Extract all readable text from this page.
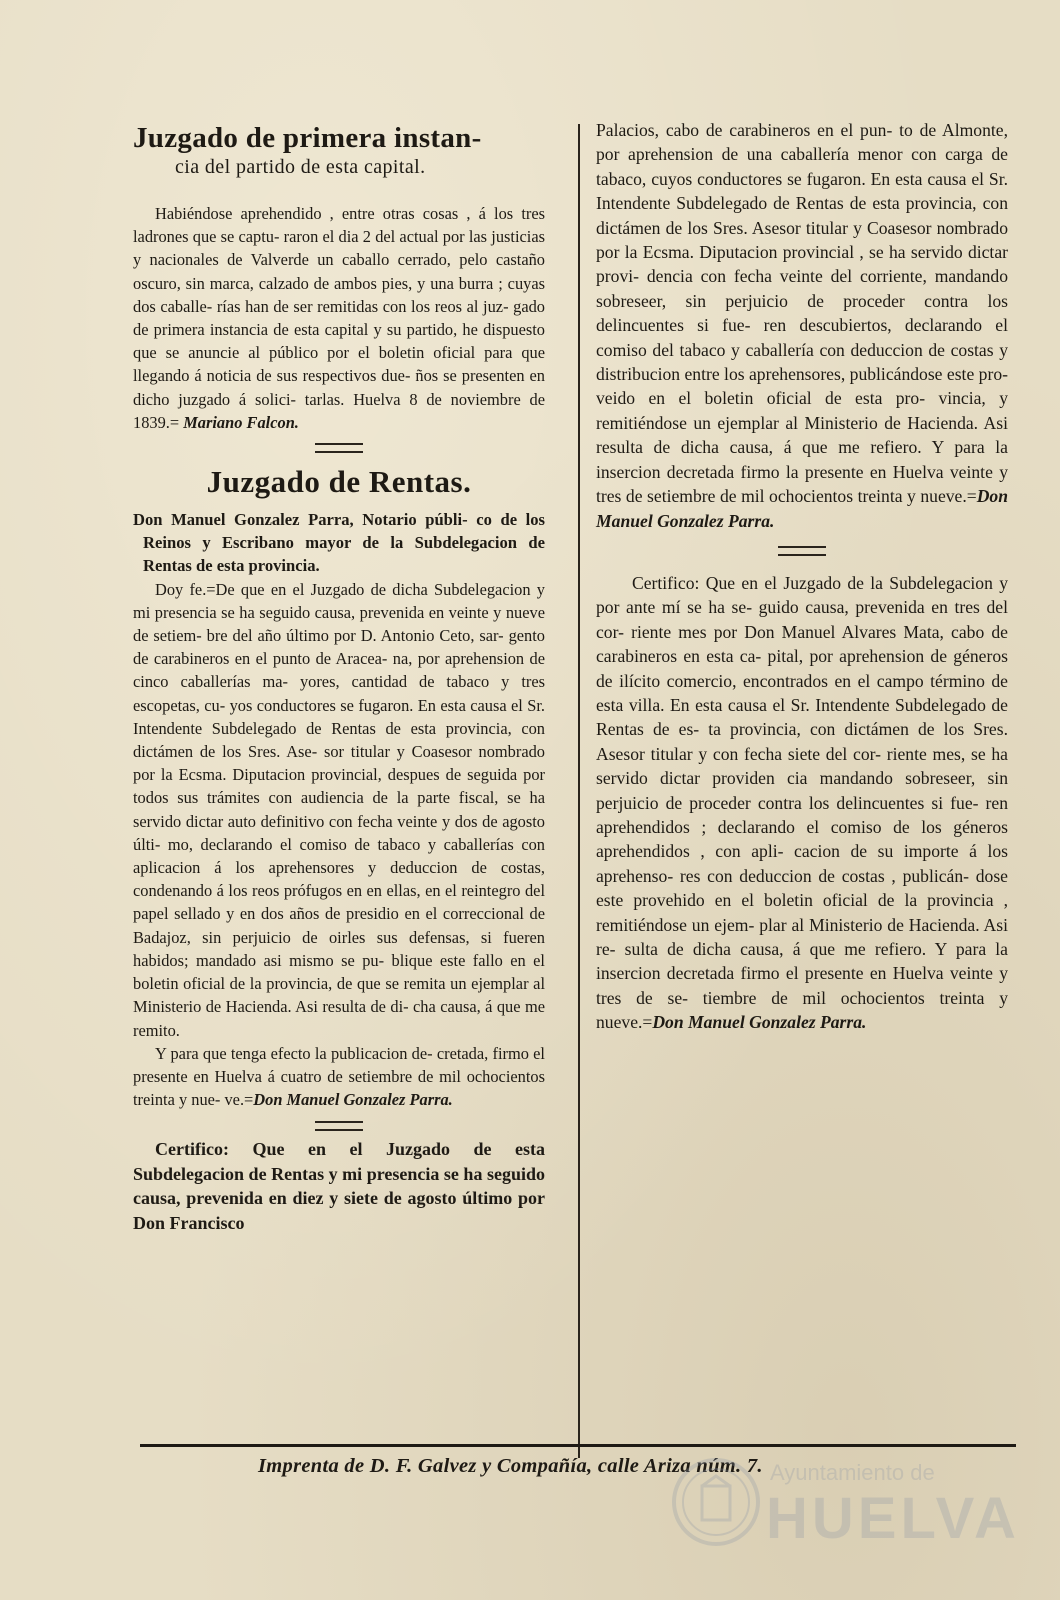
Juzgado de primera instan-
cia del partido de esta capital.

Habiéndose aprehendido , entre otras cosas , á los tres ladrones que se captu- raron el dia 2 del actual por las justicias y nacionales de Valverde un caballo cerrado, pelo castaño oscuro, sin marca, calzado de ambos pies, y una burra ; cuyas dos caballe- rías han de ser remitidas con los reos al juz- gado de primera instancia de esta capital y su partido, he dispuesto que se anuncie al público por el boletin oficial para que llegando á noticia de sus respectivos due- ños se presenten en dicho juzgado á solici- tarlas. Huelva 8 de noviembre de 1839.= Mariano Falcon.

Juzgado de Rentas.

Don Manuel Gonzalez Parra, Notario públi- co de los Reinos y Escribano mayor de la Subdelegacion de Rentas de esta provincia.

Doy fe.=De que en el Juzgado de dicha Subdelegacion y mi presencia se ha seguido causa, prevenida en veinte y nueve de setiem- bre del año último por D. Antonio Ceto, sar- gento de carabineros en el punto de Aracea- na, por aprehension de cinco caballerías ma- yores, cantidad de tabaco y tres escopetas, cu- yos conductores se fugaron. En esta causa el Sr. Intendente Subdelegado de Rentas de esta provincia, con dictámen de los Sres. Ase- sor titular y Coasesor nombrado por la Ecsma. Diputacion provincial, despues de seguida por todos sus trámites con audiencia de la parte fiscal, se ha servido dictar auto definitivo con fecha veinte y dos de agosto últi- mo, declarando el comiso de tabaco y caballerías con aplicacion á los aprehensores y deduccion de costas, condenando á los reos prófugos en en ellas, en el reintegro del papel sellado y en dos años de presidio en el correccional de Badajoz, sin perjuicio de oirles sus defensas, si fueren habidos; mandado asi mismo se pu- blique este fallo en el boletin oficial de la provincia, de que se remita un ejemplar al Ministerio de Hacienda. Asi resulta de di- cha causa, á que me remito.

Y para que tenga efecto la publicacion de- cretada, firmo el presente en Huelva á cuatro de setiembre de mil ochocientos treinta y nue- ve.=Don Manuel Gonzalez Parra.

Certifico: Que en el Juzgado de esta Subdelegacion de Rentas y mi presencia se ha seguido causa, prevenida en diez y siete de agosto último por Don Francisco

Palacios, cabo de carabineros en el pun- to de Almonte, por aprehension de una caballería menor con carga de tabaco, cuyos conductores se fugaron. En esta causa el Sr. Intendente Subdelegado de Rentas de esta provincia, con dictámen de los Sres. Asesor titular y Coasesor nombrado por la Ecsma. Diputacion provincial , se ha servido dictar provi- dencia con fecha veinte del corriente, mandando sobreseer, sin perjuicio de proceder contra los delincuentes si fue- ren descubiertos, declarando el comiso del tabaco y caballería con deduccion de costas y distribucion entre los aprehensores, publicándose este pro- veido en el boletin oficial de esta pro- vincia, y remitiéndose un ejemplar al Ministerio de Hacienda. Asi resulta de dicha causa, á que me refiero. Y para la insercion decretada firmo la presente en Huelva veinte y tres de setiembre de mil ochocientos treinta y nueve.=Don Manuel Gonzalez Parra.

Certifico: Que en el Juzgado de la Subdelegacion y por ante mí se ha se- guido causa, prevenida en tres del cor- riente mes por Don Manuel Alvares Mata, cabo de carabineros en esta ca- pital, por aprehension de géneros de ilícito comercio, encontrados en el campo término de esta villa. En esta causa el Sr. Intendente Subdelegado de Rentas de es- ta provincia, con dictámen de los Sres. Asesor titular y con fecha siete del cor- riente mes, se ha servido dictar providen cia mandando sobreseer, sin perjuicio de proceder contra los delincuentes si fue- ren aprehendidos ; declarando el comiso de los géneros aprehendidos , con apli- cacion de su importe á los aprehenso- res con deduccion de costas , publicán- dose este provehido en el boletin oficial de la provincia , remitiéndose un ejem- plar al Ministerio de Hacienda. Asi re- sulta de dicha causa, á que me refiero. Y para la insercion decretada firmo el presente en Huelva veinte y tres de se- tiembre de mil ochocientos treinta y nueve.=Don Manuel Gonzalez Parra.

Imprenta de D. F. Galvez y Compañía, calle Ariza núm. 7. Ayuntamiento de
HUELVA
